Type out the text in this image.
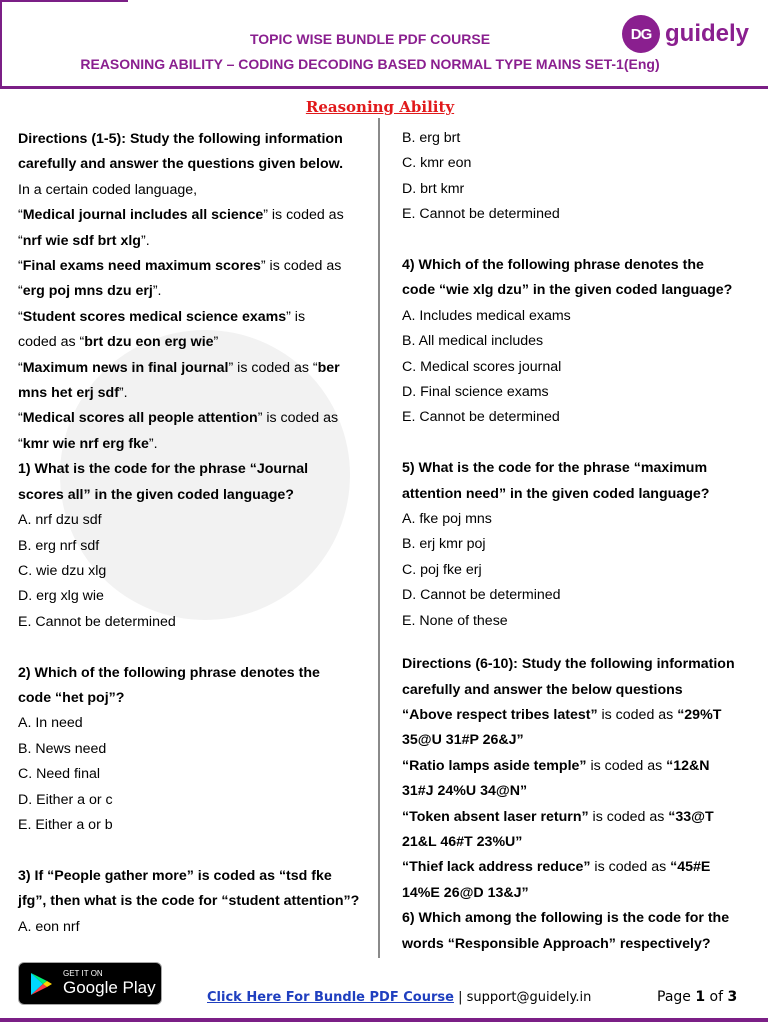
TOPIC WISE BUNDLE PDF COURSE
REASONING ABILITY – CODING DECODING BASED NORMAL TYPE MAINS SET-1(Eng)
DG guidely
Reasoning Ability
Directions (1-5): Study the following information
carefully and answer the questions given below.
In a certain coded language,
“Medical journal includes all science” is coded as
“nrf wie sdf brt xlg”.
“Final exams need maximum scores” is coded as
“erg poj mns dzu erj”.
“Student scores medical science exams” is
coded as “brt dzu eon erg wie”
“Maximum news in final journal” is coded as “ber
mns het erj sdf”.
“Medical scores all people attention” is coded as
“kmr wie nrf erg fke”.
1) What is the code for the phrase “Journal
scores all” in the given coded language?
A. nrf dzu sdf
B. erg nrf sdf
C. wie dzu xlg
D. erg xlg wie
E. Cannot be determined
2) Which of the following phrase denotes the
code “het poj”?
A. In need
B. News need
C. Need final
D. Either a or c
E. Either a or b
3) If “People gather more” is coded as “tsd fke
jfg”, then what is the code for “student attention”?
A. eon nrf
B. erg brt
C. kmr eon
D. brt kmr
E. Cannot be determined
4) Which of the following phrase denotes the
code “wie xlg dzu” in the given coded language?
A. Includes medical exams
B. All medical includes
C. Medical scores journal
D. Final science exams
E. Cannot be determined
5) What is the code for the phrase “maximum
attention need” in the given coded language?
A. fke poj mns
B. erj kmr poj
C. poj fke erj
D. Cannot be determined
E. None of these
Directions (6-10): Study the following information
carefully and answer the below questions
“Above respect tribes latest” is coded as “29%T
35@U 31#P 26&J”
“Ratio lamps aside temple” is coded as “12&N
31#J 24%U 34@N”
“Token absent laser return” is coded as “33@T
21&L 46#T 23%U”
“Thief lack address reduce” is coded as “45#E
14%E 26@D 13&J”
6) Which among the following is the code for the
words “Responsible Approach” respectively?
GET IT ON
Google Play
Click Here For Bundle PDF Course | support@guidely.in	Page 1 of 3
